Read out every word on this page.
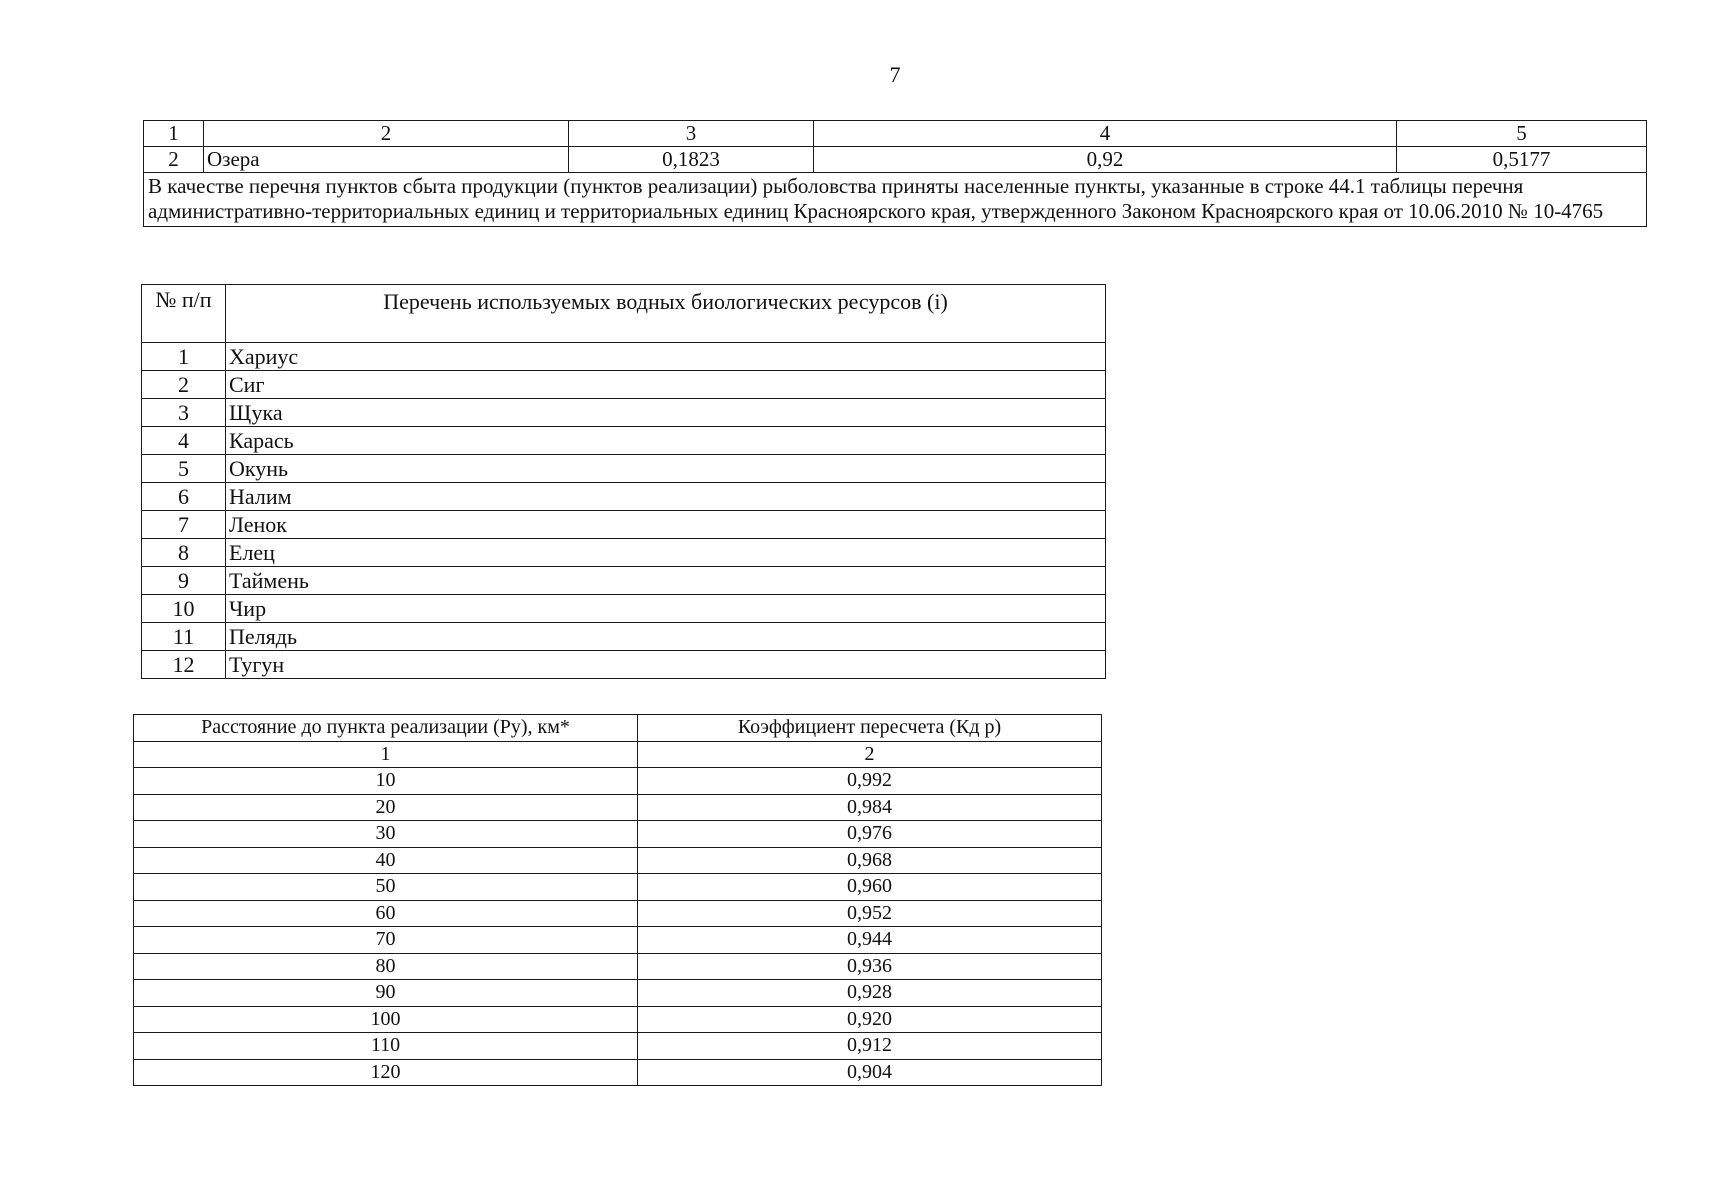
7
1	2	3	4	5
2	Озера	0,1823	0,92	0,5177
В качестве перечня пунктов сбыта продукции (пунктов реализации) рыболовства приняты населенные пункты, указанные в строке 44.1 таблицы перечня административно-территориальных единиц и территориальных единиц Красноярского края, утвержденного Законом Красноярского края от 10.06.2010 № 10-4765				
№ п/п	Перечень используемых водных биологических ресурсов (i)
1	Хариус
2	Сиг
3	Щука
4	Карась
5	Окунь
6	Налим
7	Ленок
8	Елец
9	Таймень
10	Чир
11	Пелядь
12	Тугун
Расстояние до пункта реализации (Ру), км*	Коэффициент пересчета (Кд р)
1	2
10	0,992
20	0,984
30	0,976
40	0,968
50	0,960
60	0,952
70	0,944
80	0,936
90	0,928
100	0,920
110	0,912
120	0,904
